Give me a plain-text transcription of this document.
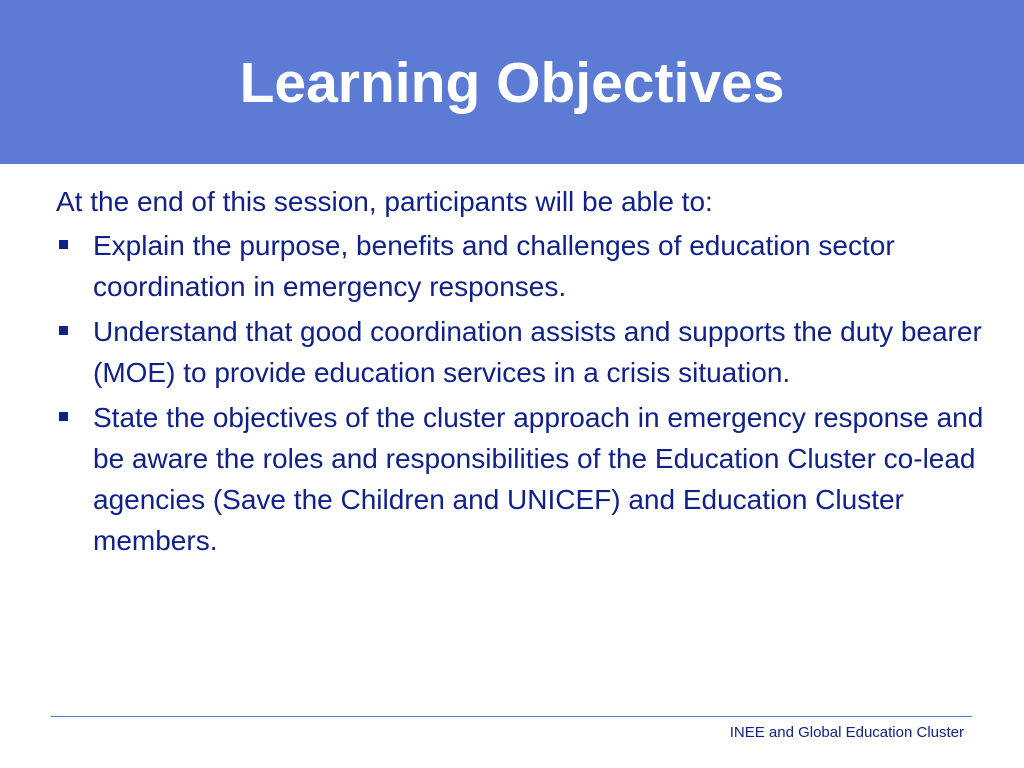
Learning Objectives

At the end of this session, participants will be able to:

Explain the purpose, benefits and challenges of education sector coordination in emergency responses.
Understand that good coordination assists and supports the duty bearer (MOE) to provide education services in a crisis situation.
State the objectives of the cluster approach in emergency response and be aware the roles and responsibilities of the Education Cluster co-lead agencies (Save the Children and UNICEF) and Education Cluster members.
INEE and Global Education Cluster
